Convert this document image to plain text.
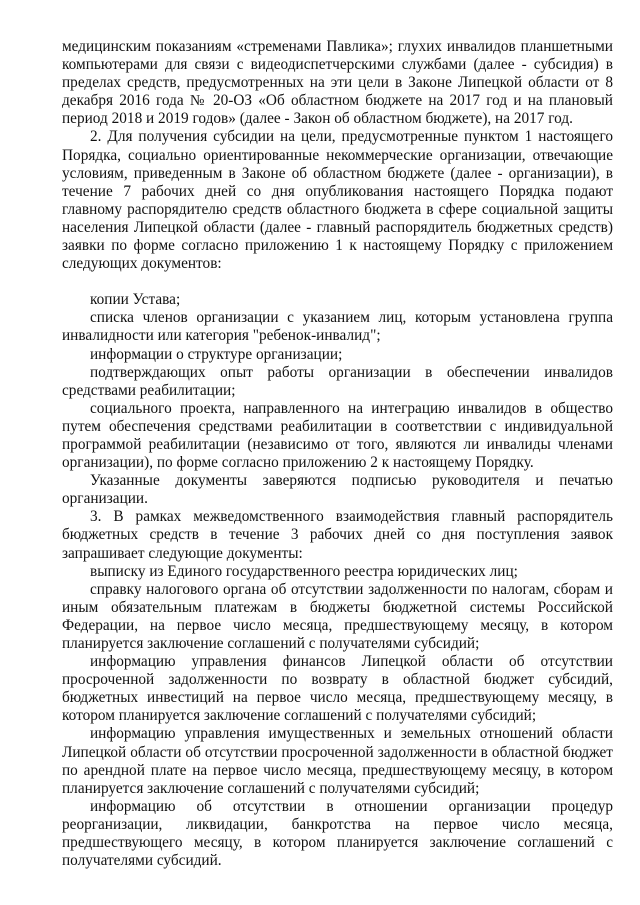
медицинским показаниям «стременами Павлика»; глухих инвалидов планшетными компьютерами для связи с видеодиспетчерскими службами (далее - субсидия) в пределах средств, предусмотренных на эти цели в Законе Липецкой области от 8 декабря 2016 года № 20-ОЗ «Об областном бюджете на 2017 год и на плановый период 2018 и 2019 годов» (далее - Закон об областном бюджете), на 2017 год.

2. Для получения субсидии на цели, предусмотренные пунктом 1 настоящего Порядка, социально ориентированные некоммерческие организации, отвечающие условиям, приведенным в Законе об областном бюджете (далее - организации), в течение 7 рабочих дней со дня опубликования настоящего Порядка подают главному распорядителю средств областного бюджета в сфере социальной защиты населения Липецкой области (далее - главный распорядитель бюджетных средств) заявки по форме согласно приложению 1 к настоящему Порядку с приложением следующих документов:

копии Устава;

списка членов организации с указанием лиц, которым установлена группа инвалидности или категория "ребенок-инвалид";

информации о структуре организации;

подтверждающих опыт работы организации в обеспечении инвалидов средствами реабилитации;

социального проекта, направленного на интеграцию инвалидов в общество путем обеспечения средствами реабилитации в соответствии с индивидуальной программой реабилитации (независимо от того, являются ли инвалиды членами организации), по форме согласно приложению 2 к настоящему Порядку.

Указанные документы заверяются подписью руководителя и печатью организации.

3. В рамках межведомственного взаимодействия главный распорядитель бюджетных средств в течение 3 рабочих дней со дня поступления заявок запрашивает следующие документы:

выписку из Единого государственного реестра юридических лиц;

справку налогового органа об отсутствии задолженности по налогам, сборам и иным обязательным платежам в бюджеты бюджетной системы Российской Федерации, на первое число месяца, предшествующему месяцу, в котором планируется заключение соглашений с получателями субсидий;

информацию управления финансов Липецкой области об отсутствии просроченной задолженности по возврату в областной бюджет субсидий, бюджетных инвестиций на первое число месяца, предшествующему месяцу, в котором планируется заключение соглашений с получателями субсидий;

информацию управления имущественных и земельных отношений области Липецкой области об отсутствии просроченной задолженности в областной бюджет по арендной плате на первое число месяца, предшествующему месяцу, в котором планируется заключение соглашений с получателями субсидий;

информацию об отсутствии в отношении организации процедур реорганизации, ликвидации, банкротства на первое число месяца, предшествующего месяцу, в котором планируется заключение соглашений с получателями субсидий.
